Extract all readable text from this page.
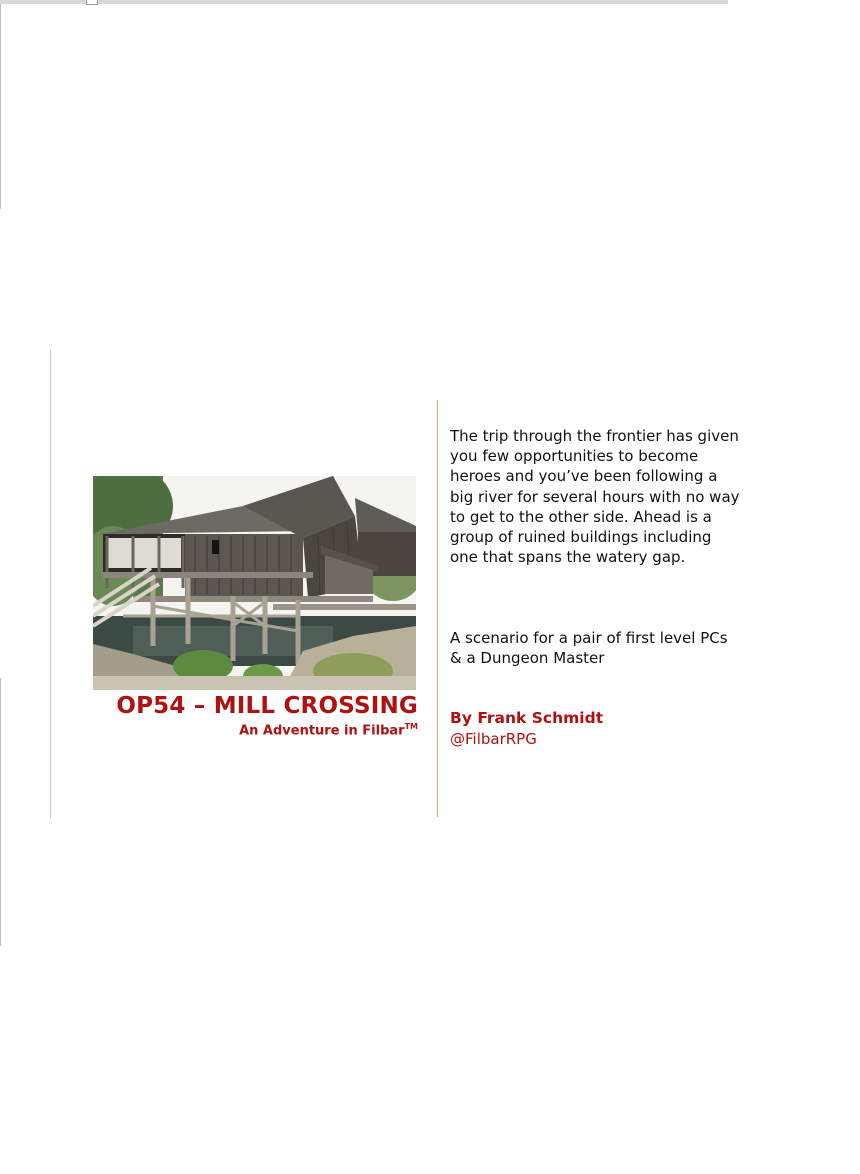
OP54 – MILL CROSSING
An Adventure in Filbar™
The trip through the frontier has given you few opportunities to become heroes and you’ve been following a big river for several hours with no way to get to the other side. Ahead is a group of ruined buildings including one that spans the watery gap.
A scenario for a pair of first level PCs & a Dungeon Master
By Frank Schmidt
@FilbarRPG
